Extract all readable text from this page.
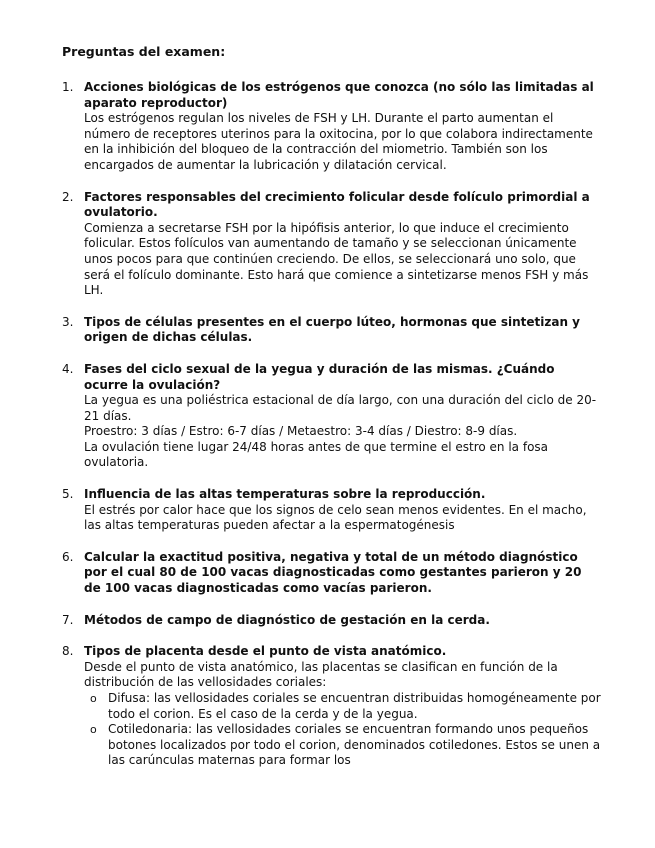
Preguntas del examen:

1. Acciones biológicas de los estrógenos que conozca (no sólo las limitadas al aparato reproductor)

Los estrógenos regulan los niveles de FSH y LH. Durante el parto aumentan el número de receptores uterinos para la oxitocina, por lo que colabora indirectamente en la inhibición del bloqueo de la contracción del miometrio. También son los encargados de aumentar la lubricación y dilatación cervical.

2. Factores responsables del crecimiento folicular desde folículo primordial a ovulatorio.

Comienza a secretarse FSH por la hipófisis anterior, lo que induce el crecimiento folicular. Estos folículos van aumentando de tamaño y se seleccionan únicamente unos pocos para que continúen creciendo. De ellos, se seleccionará uno solo, que será el folículo dominante. Esto hará que comience a sintetizarse menos FSH y más LH.

3. Tipos de células presentes en el cuerpo lúteo, hormonas que sintetizan y origen de dichas células.

4. Fases del ciclo sexual de la yegua y duración de las mismas. ¿Cuándo ocurre la ovulación?

La yegua es una poliéstrica estacional de día largo, con una duración del ciclo de 20-21 días.

Proestro: 3 días / Estro: 6-7 días / Metaestro: 3-4 días / Diestro: 8-9 días.

La ovulación tiene lugar 24/48 horas antes de que termine el estro en la fosa ovulatoria.

5. Influencia de las altas temperaturas sobre la reproducción.

El estrés por calor hace que los signos de celo sean menos evidentes. En el macho, las altas temperaturas pueden afectar a la espermatogénesis

6. Calcular la exactitud positiva, negativa y total de un método diagnóstico por el cual 80 de 100 vacas diagnosticadas como gestantes parieron y 20 de 100 vacas diagnosticadas como vacías parieron.

7. Métodos de campo de diagnóstico de gestación en la cerda.

8. Tipos de placenta desde el punto de vista anatómico.

Desde el punto de vista anatómico, las placentas se clasifican en función de la distribución de las vellosidades coriales:

o Difusa: las vellosidades coriales se encuentran distribuidas homogéneamente por todo el corion. Es el caso de la cerda y de la yegua.
o Cotiledonaria: las vellosidades coriales se encuentran formando unos pequeños botones localizados por todo el corion, denominados cotiledones. Estos se unen a las carúnculas maternas para formar los
